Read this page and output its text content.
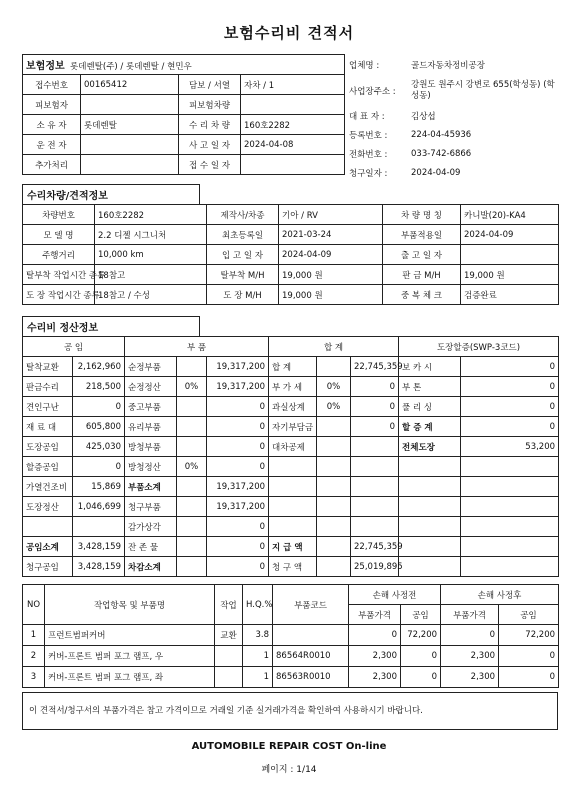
보험수리비 견적서
보험정보 롯데렌탈(주) / 롯데렌탈 / 현민우			
접수번호	00165412	담보 / 서열	자차 / 1
피보험자		피보험차량	
소 유 자	롯데렌탈	수 리 차 량	160호2282
운 전 자		사 고 일 자	2024-04-08
추가처리		접 수 일 자	
업체명 :	골드자동차정비공장
사업장주소 :	강원도 원주시 강변로 655(학성동) (학성동)
대 표 자 :	김상섭
등록번호 :	224-04-45936
전화번호 :	033-742-6866
청구일자 :	2024-04-09
수리차량/견적정보
차량번호	160호2282	제작사/차종	기아 / RV	차 량 명 칭	카니발(20)-KA4
모 델 명	2.2 디젤 시그니처	최초등록일	2021-03-24	부품적용일	2024-04-09
주행거리	10,000 km	입 고 일 자	2024-04-09	출 고 일 자	
탈부착 작업시간 종류	18참고	탈부착 M/H	19,000 원	판 금 M/H	19,000 원
도 장 작업시간 종류	18참고 / 수성	도 장 M/H	19,000 원	중 복 체 크	검증완료
수리비 정산정보
공 임		부 품			합 계			도장할증(SWP-3코드)	
탈착교환	2,162,960	순정부품		19,317,200	합 계		22,745,359	보 카 시	0
판금수리	218,500	순정정산	0%	19,317,200	부 가 세	0%	0	부 톤	0
견인구난	0	중고부품		0	과실상계	0%	0	풀 리 싱	0
재 료 대	605,800	유리부품		0	자기부담금		0	할 증 계	0
도장공임	425,030	방청부품		0	대차공제			전체도장	53,200
할증공임	0	방청정산	0%	0					
가열건조비	15,869	부품소계		19,317,200					
도장정산	1,046,699	청구부품		19,317,200					
		감가상각		0					
공임소계	3,428,159	잔 존 물		0	지 급 액		22,745,359		
청구공임	3,428,159	차감소계		0	청 구 액		25,019,895		
NO	작업항목 및 부품명	작업	H.Q.%	부품코드	손해 사정전		손해 사정후	
					부품가격	공임	부품가격	공임
1	프런트범퍼커버	교환	3.8		0	72,200	0	72,200
2	커버-프론트 범퍼 포그 램프, 우		1	86564R0010	2,300	0	2,300	0
3	커버-프론트 범퍼 포그 램프, 좌		1	86563R0010	2,300	0	2,300	0
이 견적서/청구서의 부품가격은 참고 가격이므로 거래일 기준 실거래가격을 확인하여 사용하시기 바랍니다.
AUTOMOBILE REPAIR COST On-line
페이지 : 1/14
